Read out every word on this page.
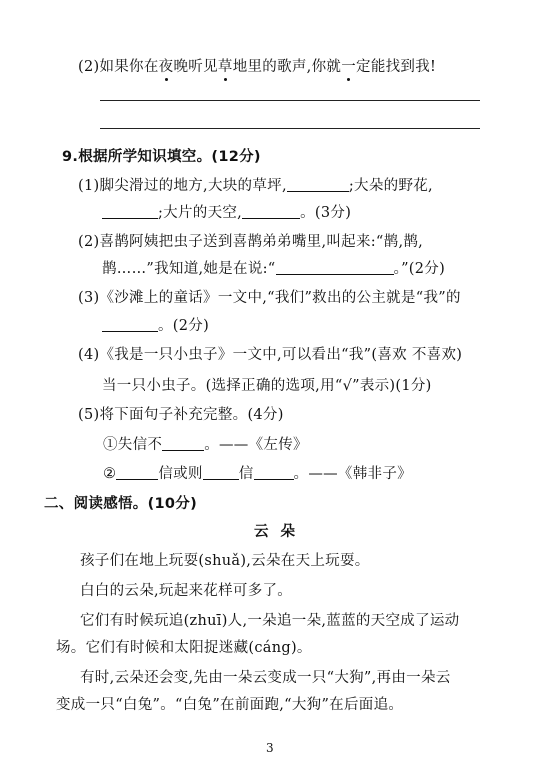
(2)如果你在夜晚听见草地里的歌声,你就一定能找到我!
9.根据所学知识填空。(12分)
(1)脚尖滑过的地方,大块的草坪,	;大朵的野花,
;大片的天空,	。(3分)
(2)喜鹊阿姨把虫子送到喜鹊弟弟嘴里,叫起来:“鹊,鹊,
鹊……”我知道,她是在说:“	。”(2分)
(3)《沙滩上的童话》一文中,“我们”救出的公主就是“我”的
。(2分)
(4)《我是一只小虫子》一文中,可以看出“我”(喜欢 不喜欢)
当一只小虫子。(选择正确的选项,用“√”表示)(1分)
(5)将下面句子补充完整。(4分)
①失信不	。——《左传》
②	信或则 信	。——《韩非子》
二、阅读感悟。(10分)
云朵
孩子们在地上玩耍(shuǎ),云朵在天上玩耍。
白白的云朵,玩起来花样可多了。
它们有时候玩追(zhuī)人,一朵追一朵,蓝蓝的天空成了运动
场。它们有时候和太阳捉迷藏(cáng)。
有时,云朵还会变,先由一朵云变成一只“大狗”,再由一朵云
变成一只“白兔”。“白兔”在前面跑,“大狗”在后面追。
3
